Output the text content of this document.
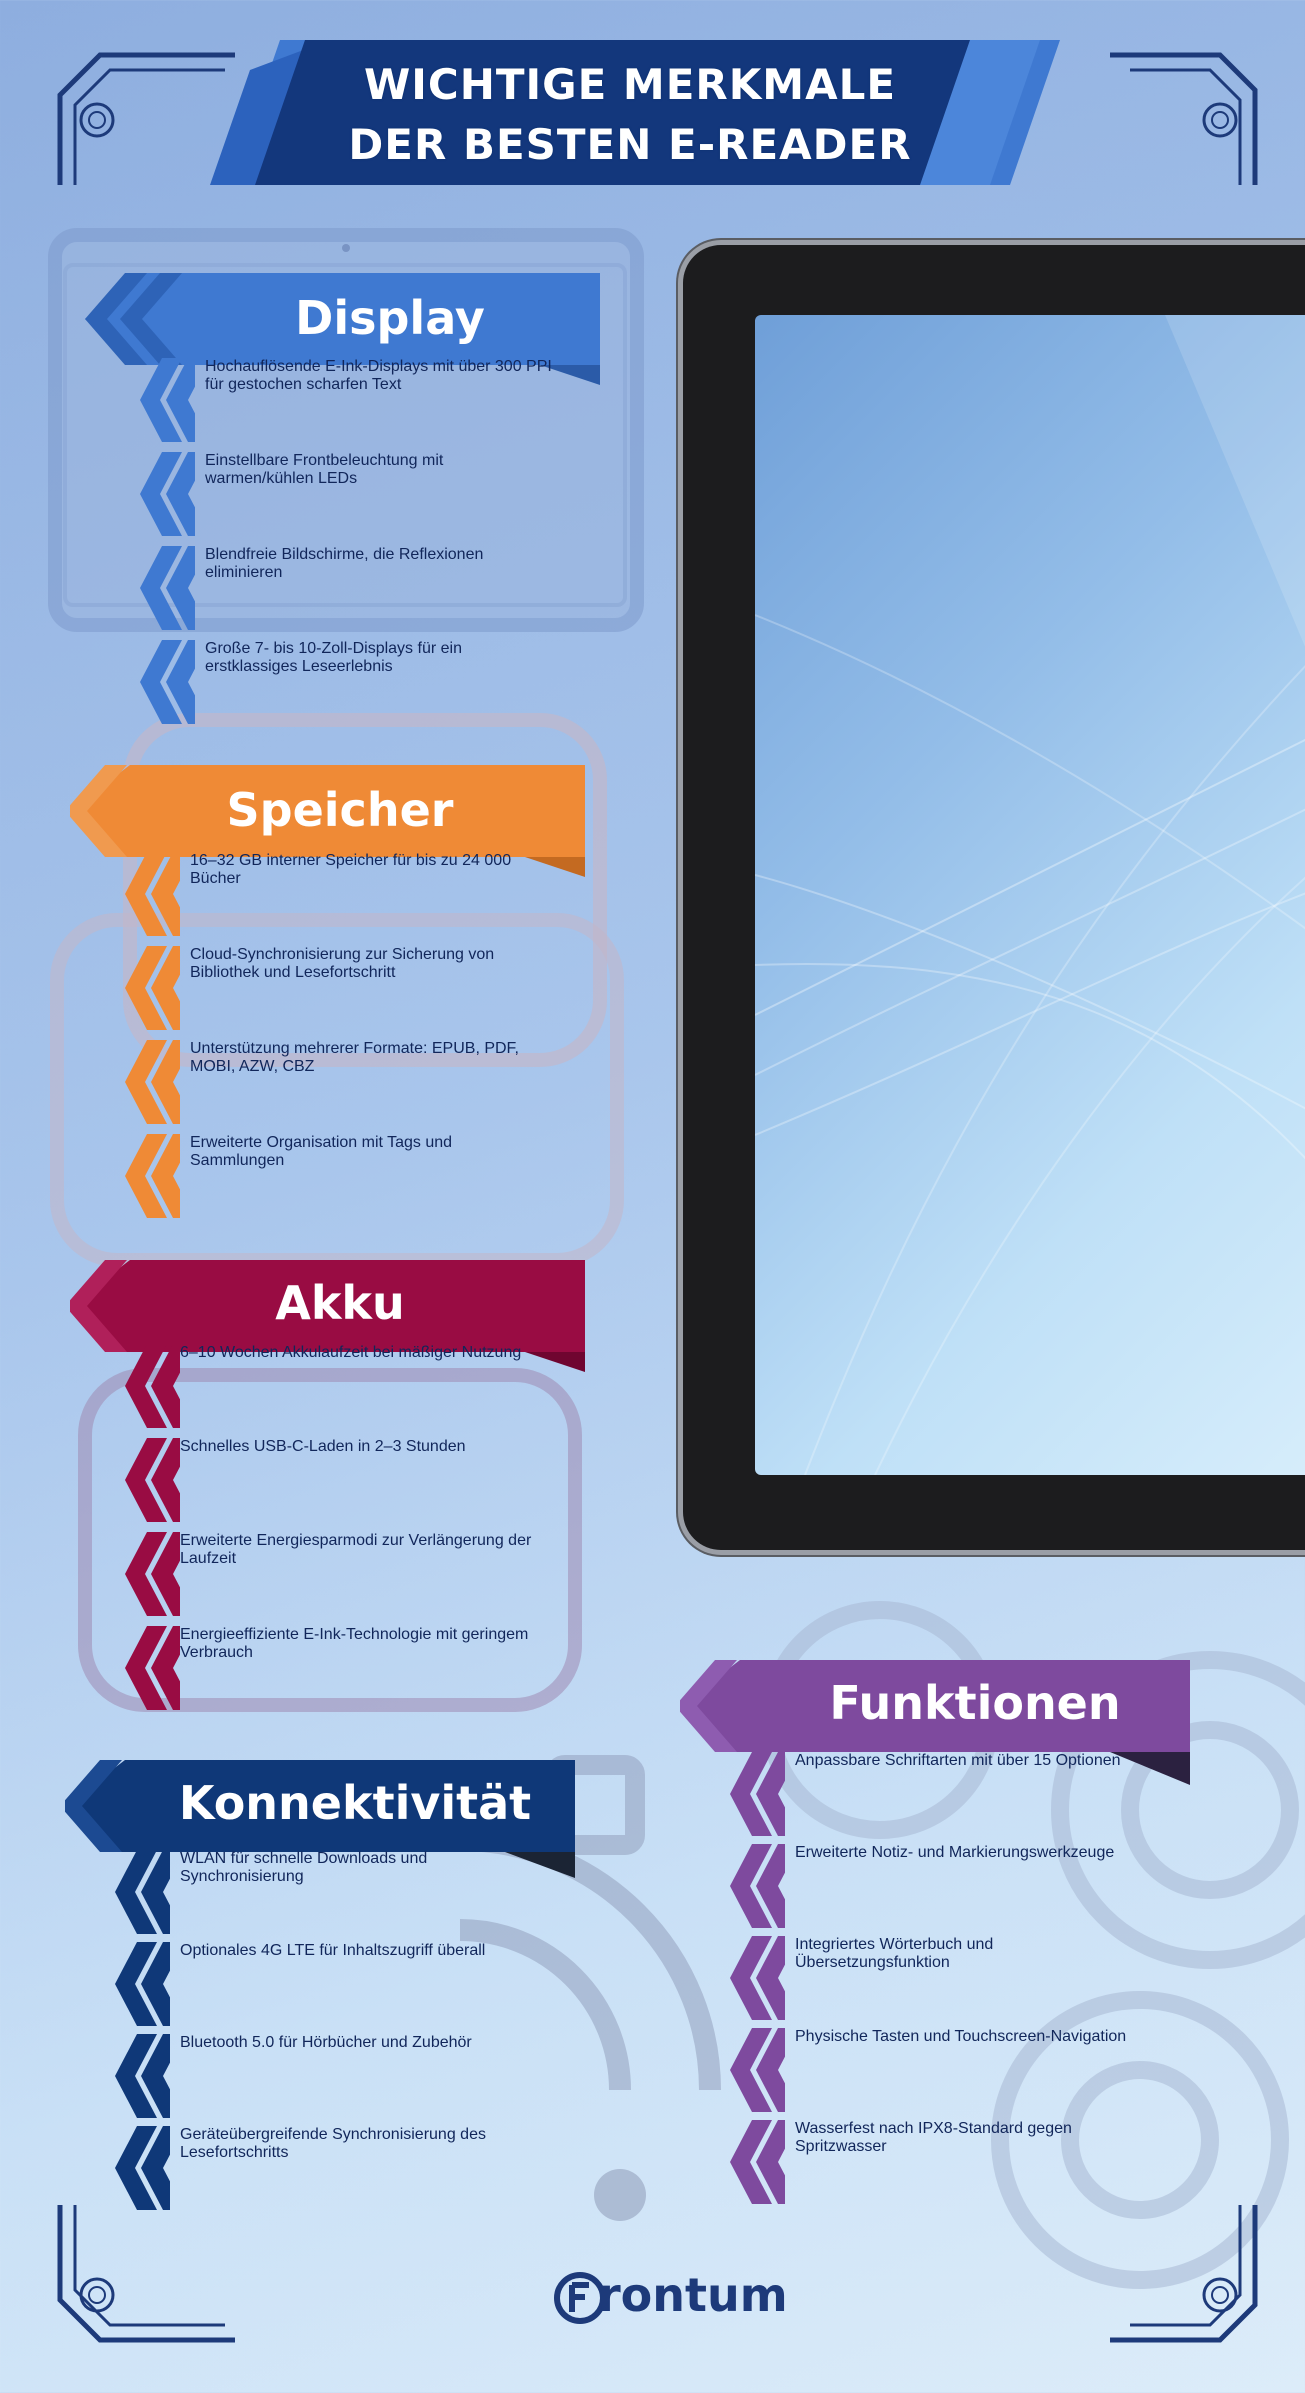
WICHTIGE MERKMALE
DER BESTEN E-READER
Display
Hochauflösende E-Ink-Displays mit über 300 PPI für gestochen scharfen Text
Einstellbare Frontbeleuchtung mit warmen/kühlen LEDs
Blendfreie Bildschirme, die Reflexionen eliminieren
Große 7- bis 10-Zoll-Displays für ein erstklassiges Leseerlebnis
Speicher
16–32 GB interner Speicher für bis zu 24 000 Bücher
Cloud-Synchronisierung zur Sicherung von Bibliothek und Lesefortschritt
Unterstützung mehrerer Formate: EPUB, PDF, MOBI, AZW, CBZ
Erweiterte Organisation mit Tags und Sammlungen
Akku
6–10 Wochen Akkulaufzeit bei mäßiger Nutzung
Schnelles USB-C-Laden in 2–3 Stunden
Erweiterte Energiesparmodi zur Verlängerung der Laufzeit
Energieeffiziente E-Ink-Technologie mit geringem Verbrauch
Konnektivität
WLAN für schnelle Downloads und Synchronisierung
Optionales 4G LTE für Inhaltszugriff überall
Bluetooth 5.0 für Hörbücher und Zubehör
Geräteübergreifende Synchronisierung des Lesefortschritts
Funktionen
Anpassbare Schriftarten mit über 15 Optionen
Erweiterte Notiz- und Markierungswerkzeuge
Integriertes Wörterbuch und Übersetzungsfunktion
Physische Tasten und Touchscreen-Navigation
Wasserfest nach IPX8-Standard gegen Spritzwasser
rontum
